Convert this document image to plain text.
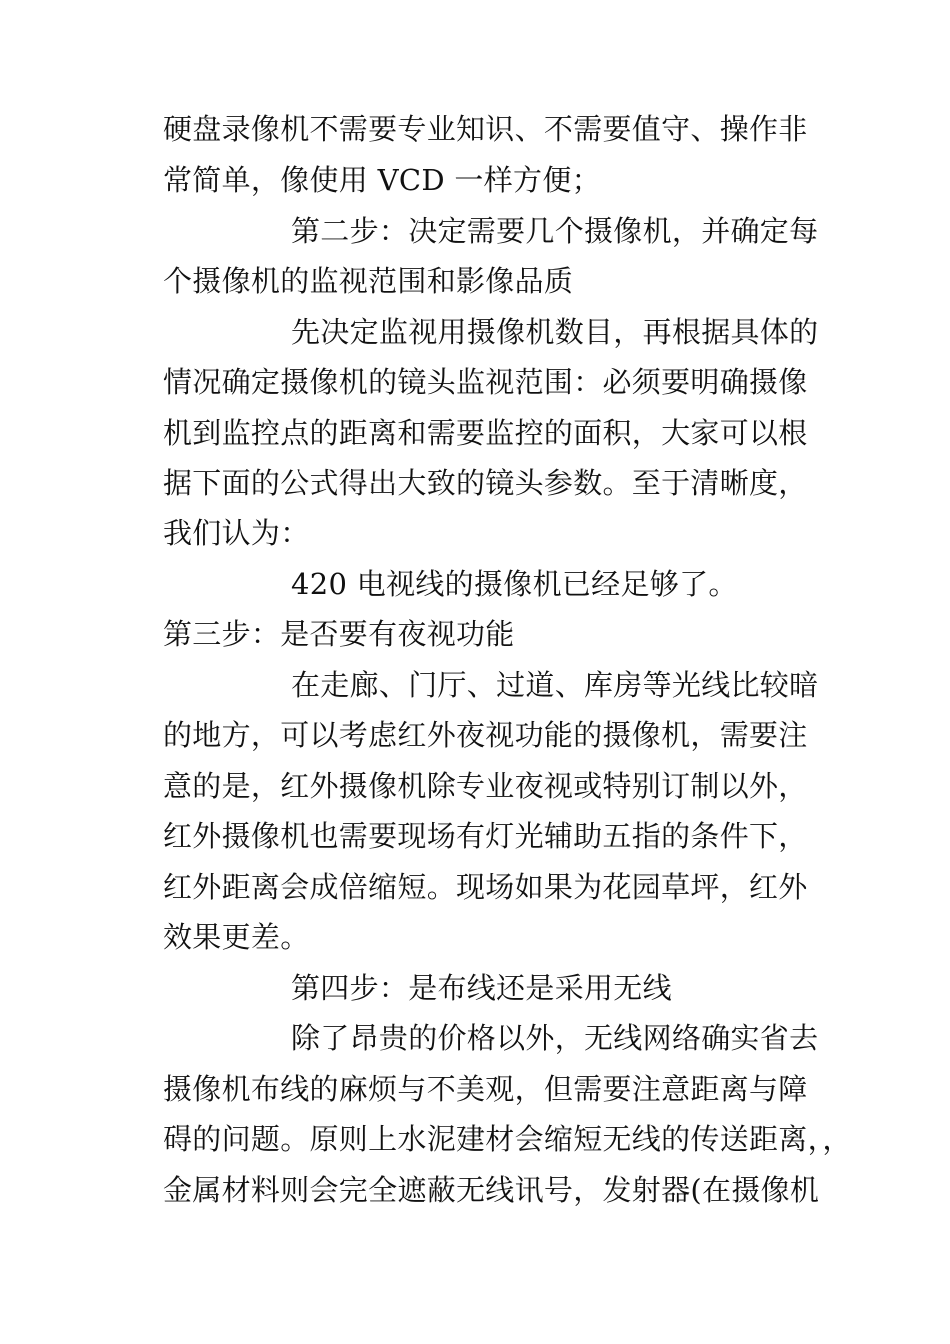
硬盘录像机不需要专业知识、不需要值守、操作非
常简单，像使用 VCD 一样方便；
第二步：决定需要几个摄像机，并确定每
个摄像机的监视范围和影像品质
先决定监视用摄像机数目，再根据具体的
情况确定摄像机的镜头监视范围：必须要明确摄像
机到监控点的距离和需要监控的面积，大家可以根
据下面的公式得出大致的镜头参数。至于清晰度，
我们认为：
420 电视线的摄像机已经足够了。
第三步：是否要有夜视功能
在走廊、门厅、过道、库房等光线比较暗
的地方，可以考虑红外夜视功能的摄像机，需要注
意的是，红外摄像机除专业夜视或特别订制以外，
红外摄像机也需要现场有灯光辅助五指的条件下，
红外距离会成倍缩短。现场如果为花园草坪，红外
效果更差。
第四步：是布线还是采用无线
除了昂贵的价格以外，无线网络确实省去
摄像机布线的麻烦与不美观，但需要注意距离与障
碍的问题。原则上水泥建材会缩短无线的传送距离，，
金属材料则会完全遮蔽无线讯号，发射器(在摄像机
